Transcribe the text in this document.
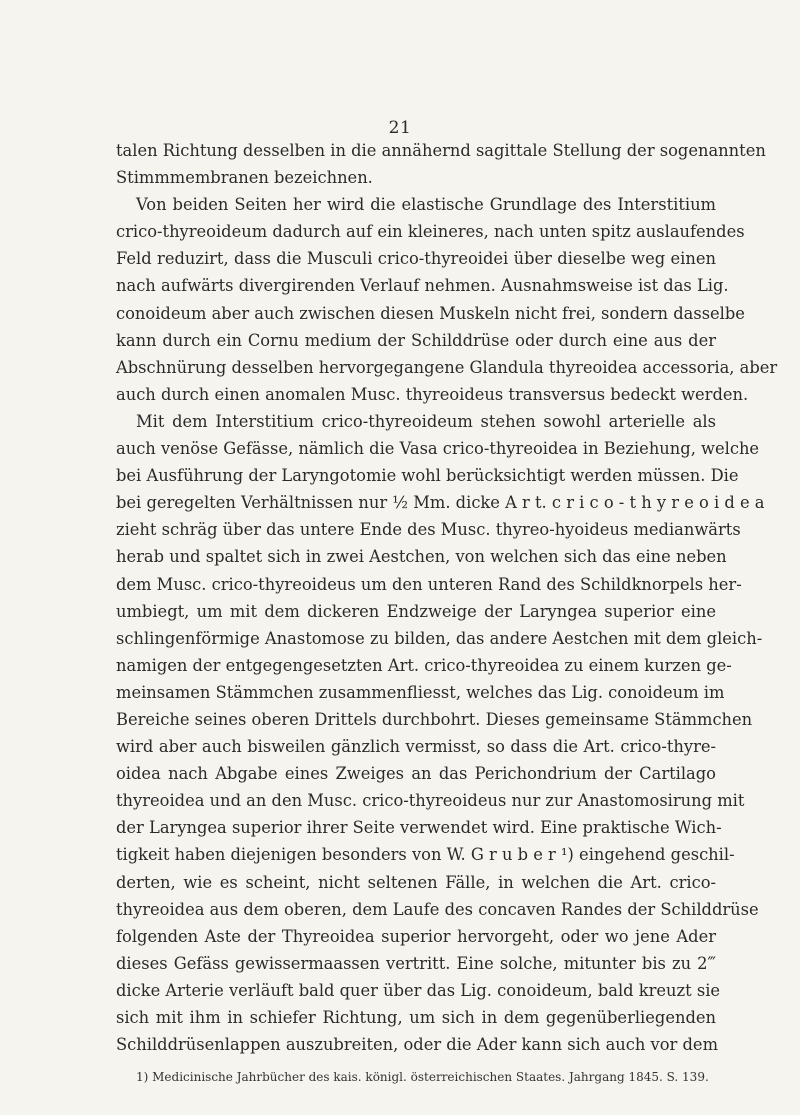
21
talen Richtung desselben in die annähernd sagittale Stellung der sogenannten
Stimmmembranen bezeichnen.
Von beiden Seiten her wird die elastische Grundlage des Interstitium
crico-thyreoideum dadurch auf ein kleineres, nach unten spitz auslaufendes
Feld reduzirt, dass die Musculi crico-thyreoidei über dieselbe weg einen
nach aufwärts divergirenden Verlauf nehmen. Ausnahmsweise ist das Lig.
conoideum aber auch zwischen diesen Muskeln nicht frei, sondern dasselbe
kann durch ein Cornu medium der Schilddrüse oder durch eine aus der
Abschnürung desselben hervorgegangene Glandula thyreoidea accessoria, aber
auch durch einen anomalen Musc. thyreoideus transversus bedeckt werden.
Mit dem Interstitium crico-thyreoideum stehen sowohl arterielle als
auch venöse Gefässe, nämlich die Vasa crico-thyreoidea in Beziehung, welche
bei Ausführung der Laryngotomie wohl berücksichtigt werden müssen. Die
bei geregelten Verhältnissen nur ½ Mm. dicke A r t. c r i c o - t h y r e o i d e a
zieht schräg über das untere Ende des Musc. thyreo-hyoideus medianwärts
herab und spaltet sich in zwei Aestchen, von welchen sich das eine neben
dem Musc. crico-thyreoideus um den unteren Rand des Schildknorpels her-
umbiegt, um mit dem dickeren Endzweige der Laryngea superior eine
schlingenförmige Anastomose zu bilden, das andere Aestchen mit dem gleich-
namigen der entgegengesetzten Art. crico-thyreoidea zu einem kurzen ge-
meinsamen Stämmchen zusammenfliesst, welches das Lig. conoideum im
Bereiche seines oberen Drittels durchbohrt. Dieses gemeinsame Stämmchen
wird aber auch bisweilen gänzlich vermisst, so dass die Art. crico-thyre-
oidea nach Abgabe eines Zweiges an das Perichondrium der Cartilago
thyreoidea und an den Musc. crico-thyreoideus nur zur Anastomosirung mit
der Laryngea superior ihrer Seite verwendet wird. Eine praktische Wich-
tigkeit haben diejenigen besonders von W. G r u b e r ¹) eingehend geschil-
derten, wie es scheint, nicht seltenen Fälle, in welchen die Art. crico-
thyreoidea aus dem oberen, dem Laufe des concaven Randes der Schilddrüse
folgenden Aste der Thyreoidea superior hervorgeht, oder wo jene Ader
dieses Gefäss gewissermaassen vertritt. Eine solche, mitunter bis zu 2‴
dicke Arterie verläuft bald quer über das Lig. conoideum, bald kreuzt sie
sich mit ihm in schiefer Richtung, um sich in dem gegenüberliegenden
Schilddrüsenlappen auszubreiten, oder die Ader kann sich auch vor dem
1) Medicinische Jahrbücher des kais. königl. österreichischen Staates. Jahrgang 1845. S. 139.
